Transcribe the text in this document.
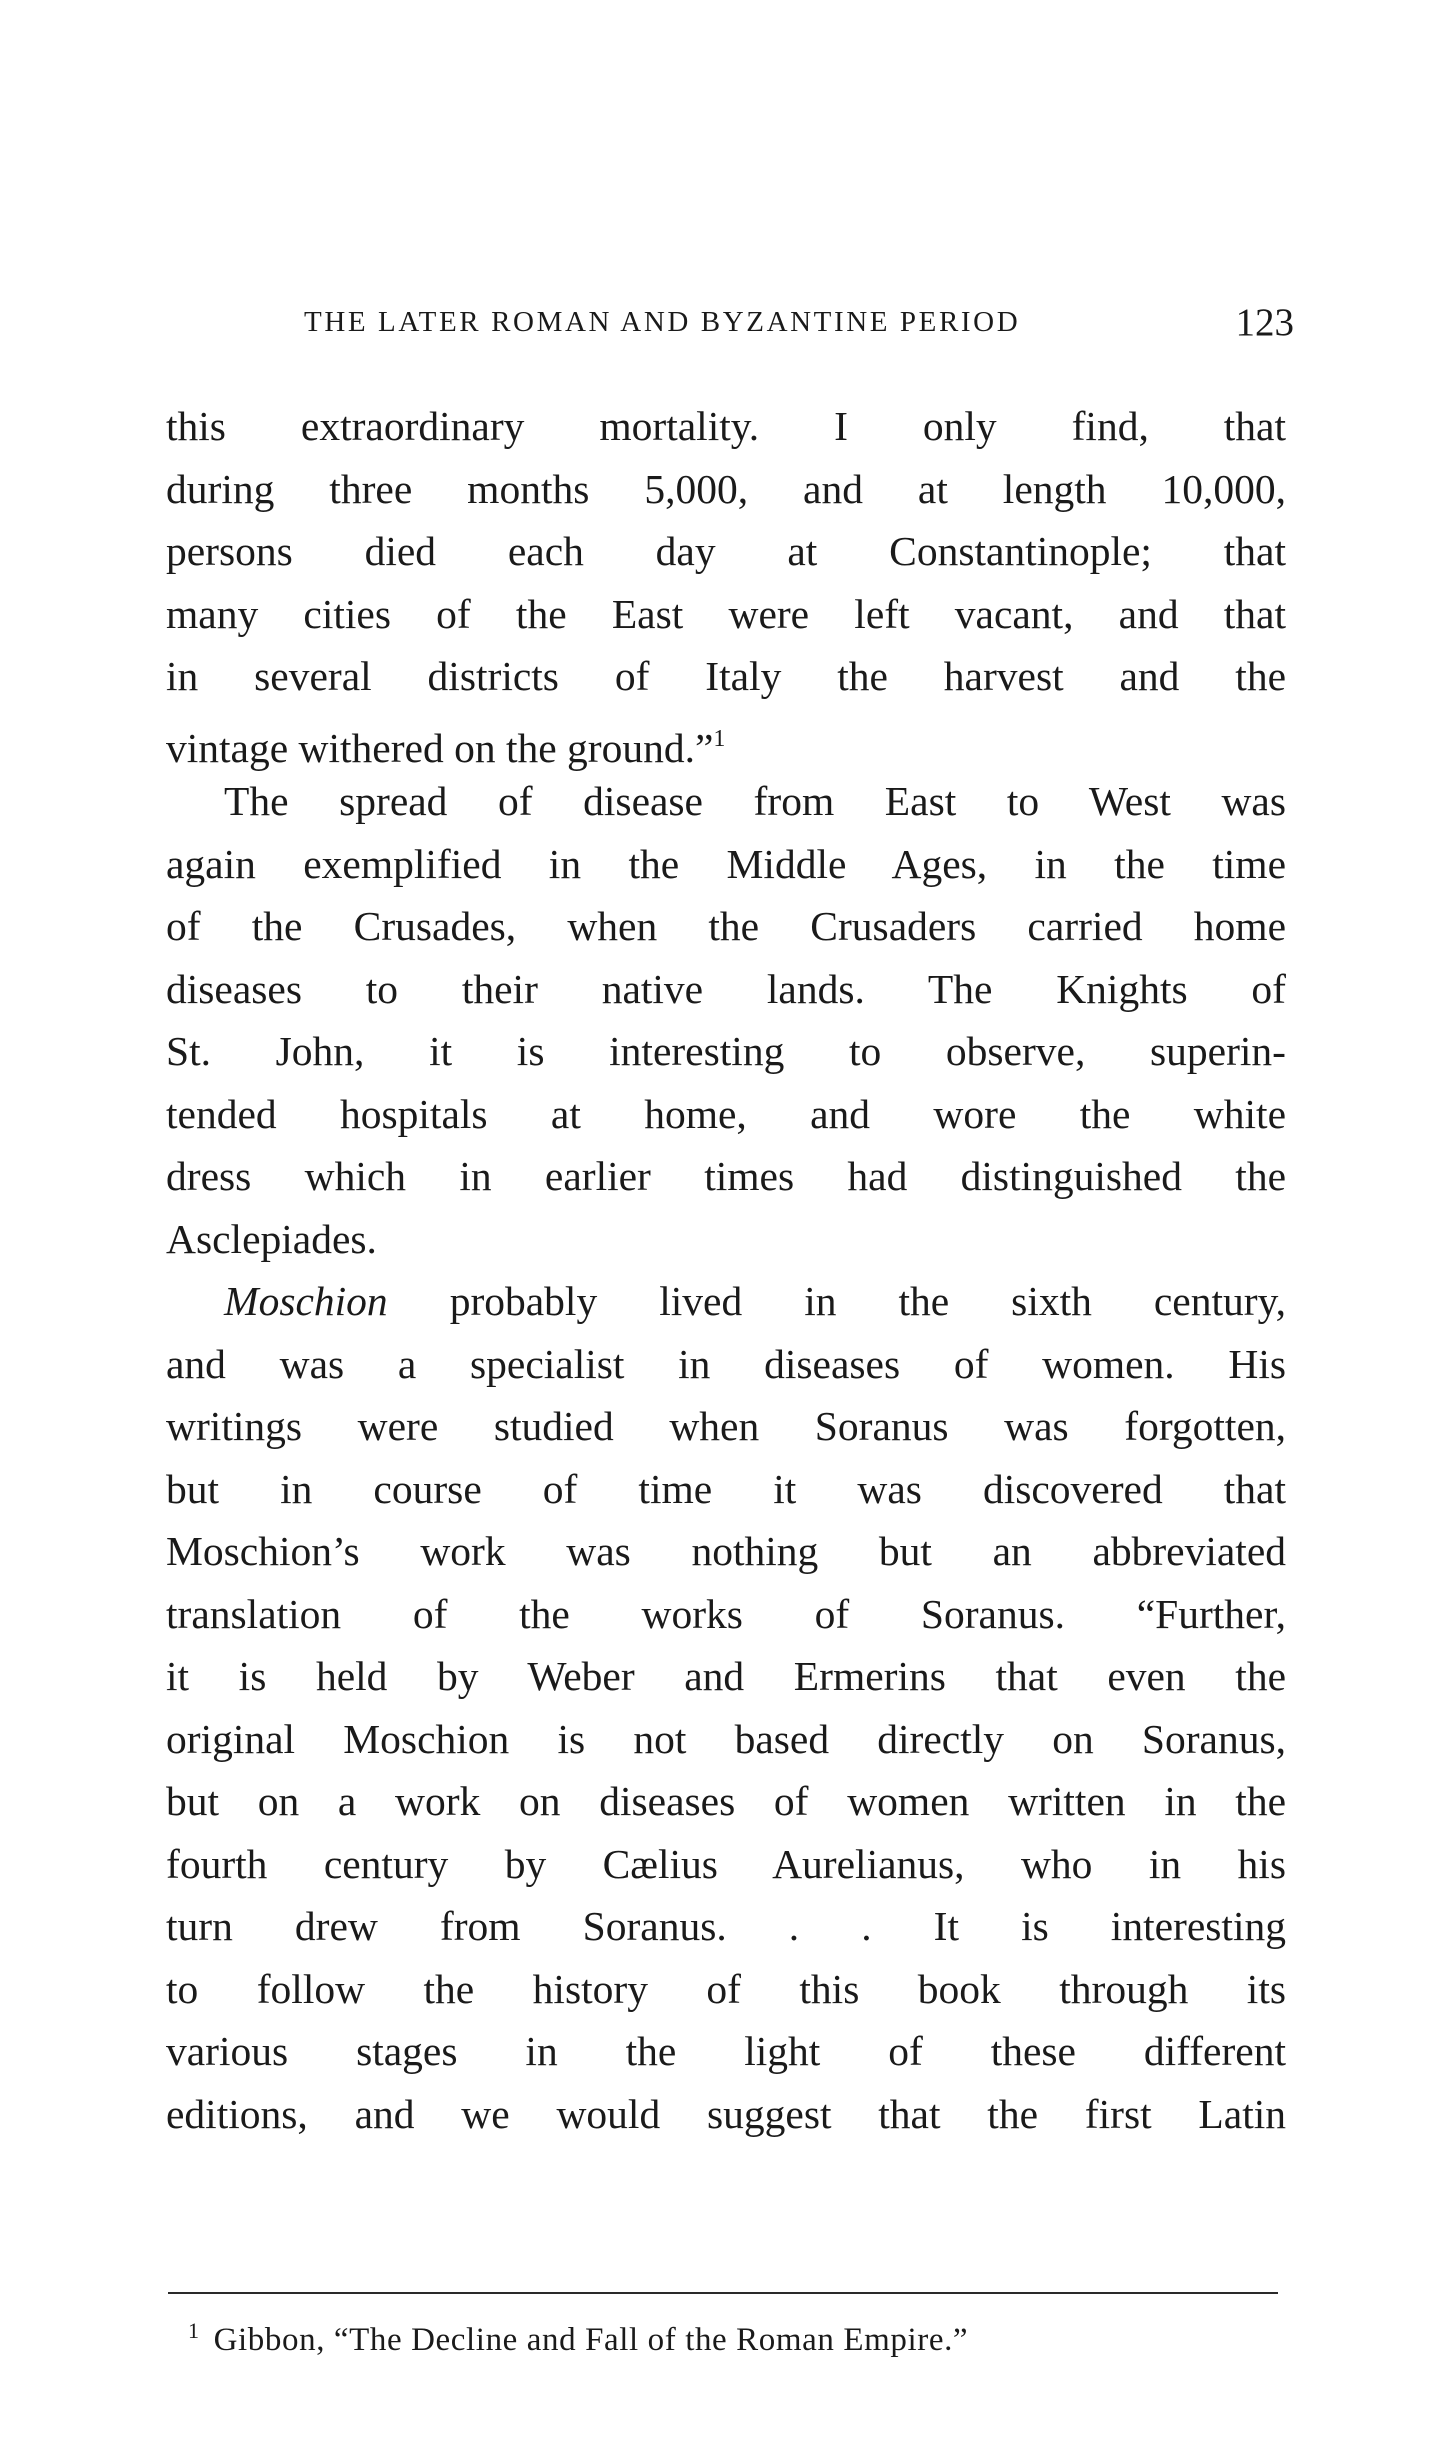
THE LATER ROMAN AND BYZANTINE PERIOD	123
this extraordinary mortality. I only find, that
during three months 5,000, and at length 10,000,
persons died each day at Constantinople; that
many cities of the East were left vacant, and that
in several districts of Italy the harvest and the
vintage withered on the ground.”$^1$
The spread of disease from East to West was
again exemplified in the Middle Ages, in the time
of the Crusades, when the Crusaders carried home
diseases to their native lands. The Knights of
St. John, it is interesting to observe, superin-
tended hospitals at home, and wore the white
dress which in earlier times had distinguished the
Asclepiades.
Moschion probably lived in the sixth century,
and was a specialist in diseases of women. His
writings were studied when Soranus was forgotten,
but in course of time it was discovered that
Moschion’s work was nothing but an abbreviated
translation of the works of Soranus. “Further,
it is held by Weber and Ermerins that even the
original Moschion is not based directly on Soranus,
but on a work on diseases of women written in the
fourth century by Cælius Aurelianus, who in his
turn drew from Soranus. . . It is interesting
to follow the history of this book through its
various stages in the light of these different
editions, and we would suggest that the first Latin
$^1$ Gibbon, “The Decline and Fall of the Roman Empire.”
